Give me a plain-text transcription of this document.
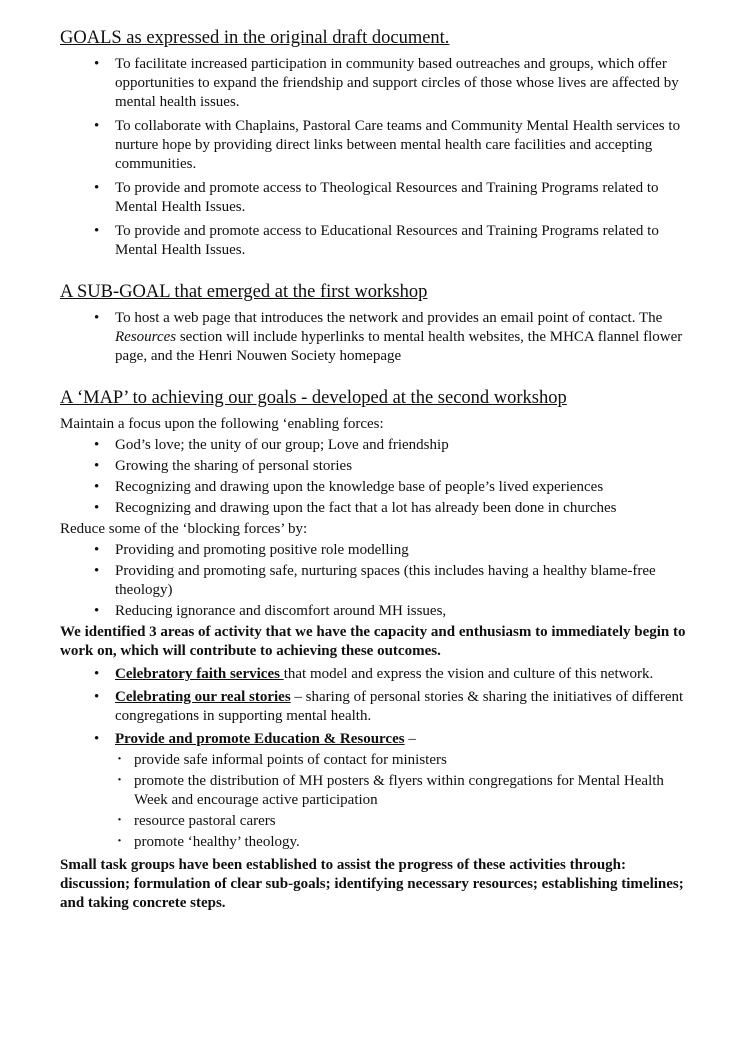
GOALS as expressed in the original draft document.
• To facilitate increased participation in community based outreaches and groups, which offer opportunities to expand the friendship and support circles of those whose lives are affected by mental health issues.
• To collaborate with Chaplains, Pastoral Care teams and Community Mental Health services to nurture hope by providing direct links between mental health care facilities and accepting communities.
• To provide and promote access to Theological Resources and Training Programs related to Mental Health Issues.
• To provide and promote access to Educational Resources and Training Programs related to Mental Health Issues.
A SUB-GOAL that emerged at the first workshop
• To host a web page that introduces the network and provides an email point of contact. The Resources section will include hyperlinks to mental health websites, the MHCA flannel flower page, and the Henri Nouwen Society homepage
A ‘MAP’ to achieving our goals - developed at the second workshop

Maintain a focus upon the following ‘enabling forces:

• God’s love; the unity of our group; Love and friendship
• Growing the sharing of personal stories
• Recognizing and drawing upon the knowledge base of people’s lived experiences
• Recognizing and drawing upon the fact that a lot has already been done in churches

Reduce some of the ‘blocking forces’ by:

• Providing and promoting positive role modelling
• Providing and promoting safe, nurturing spaces (this includes having a healthy blame-free theology)
• Reducing ignorance and discomfort around MH issues,

We identified 3 areas of activity that we have the capacity and enthusiasm to immediately begin to work on, which will contribute to achieving these outcomes.

• Celebratory faith services that model and express the vision and culture of this network.
• Celebrating our real stories – sharing of personal stories & sharing the initiatives of different congregations in supporting mental health.
• Provide and promote Education & Resources –
· provide safe informal points of contact for ministers
· promote the distribution of MH posters & flyers within congregations for Mental Health Week and encourage active participation
· resource pastoral carers
· promote ‘healthy’ theology.

Small task groups have been established to assist the progress of these activities through: discussion; formulation of clear sub-goals; identifying necessary resources; establishing timelines; and taking concrete steps.
